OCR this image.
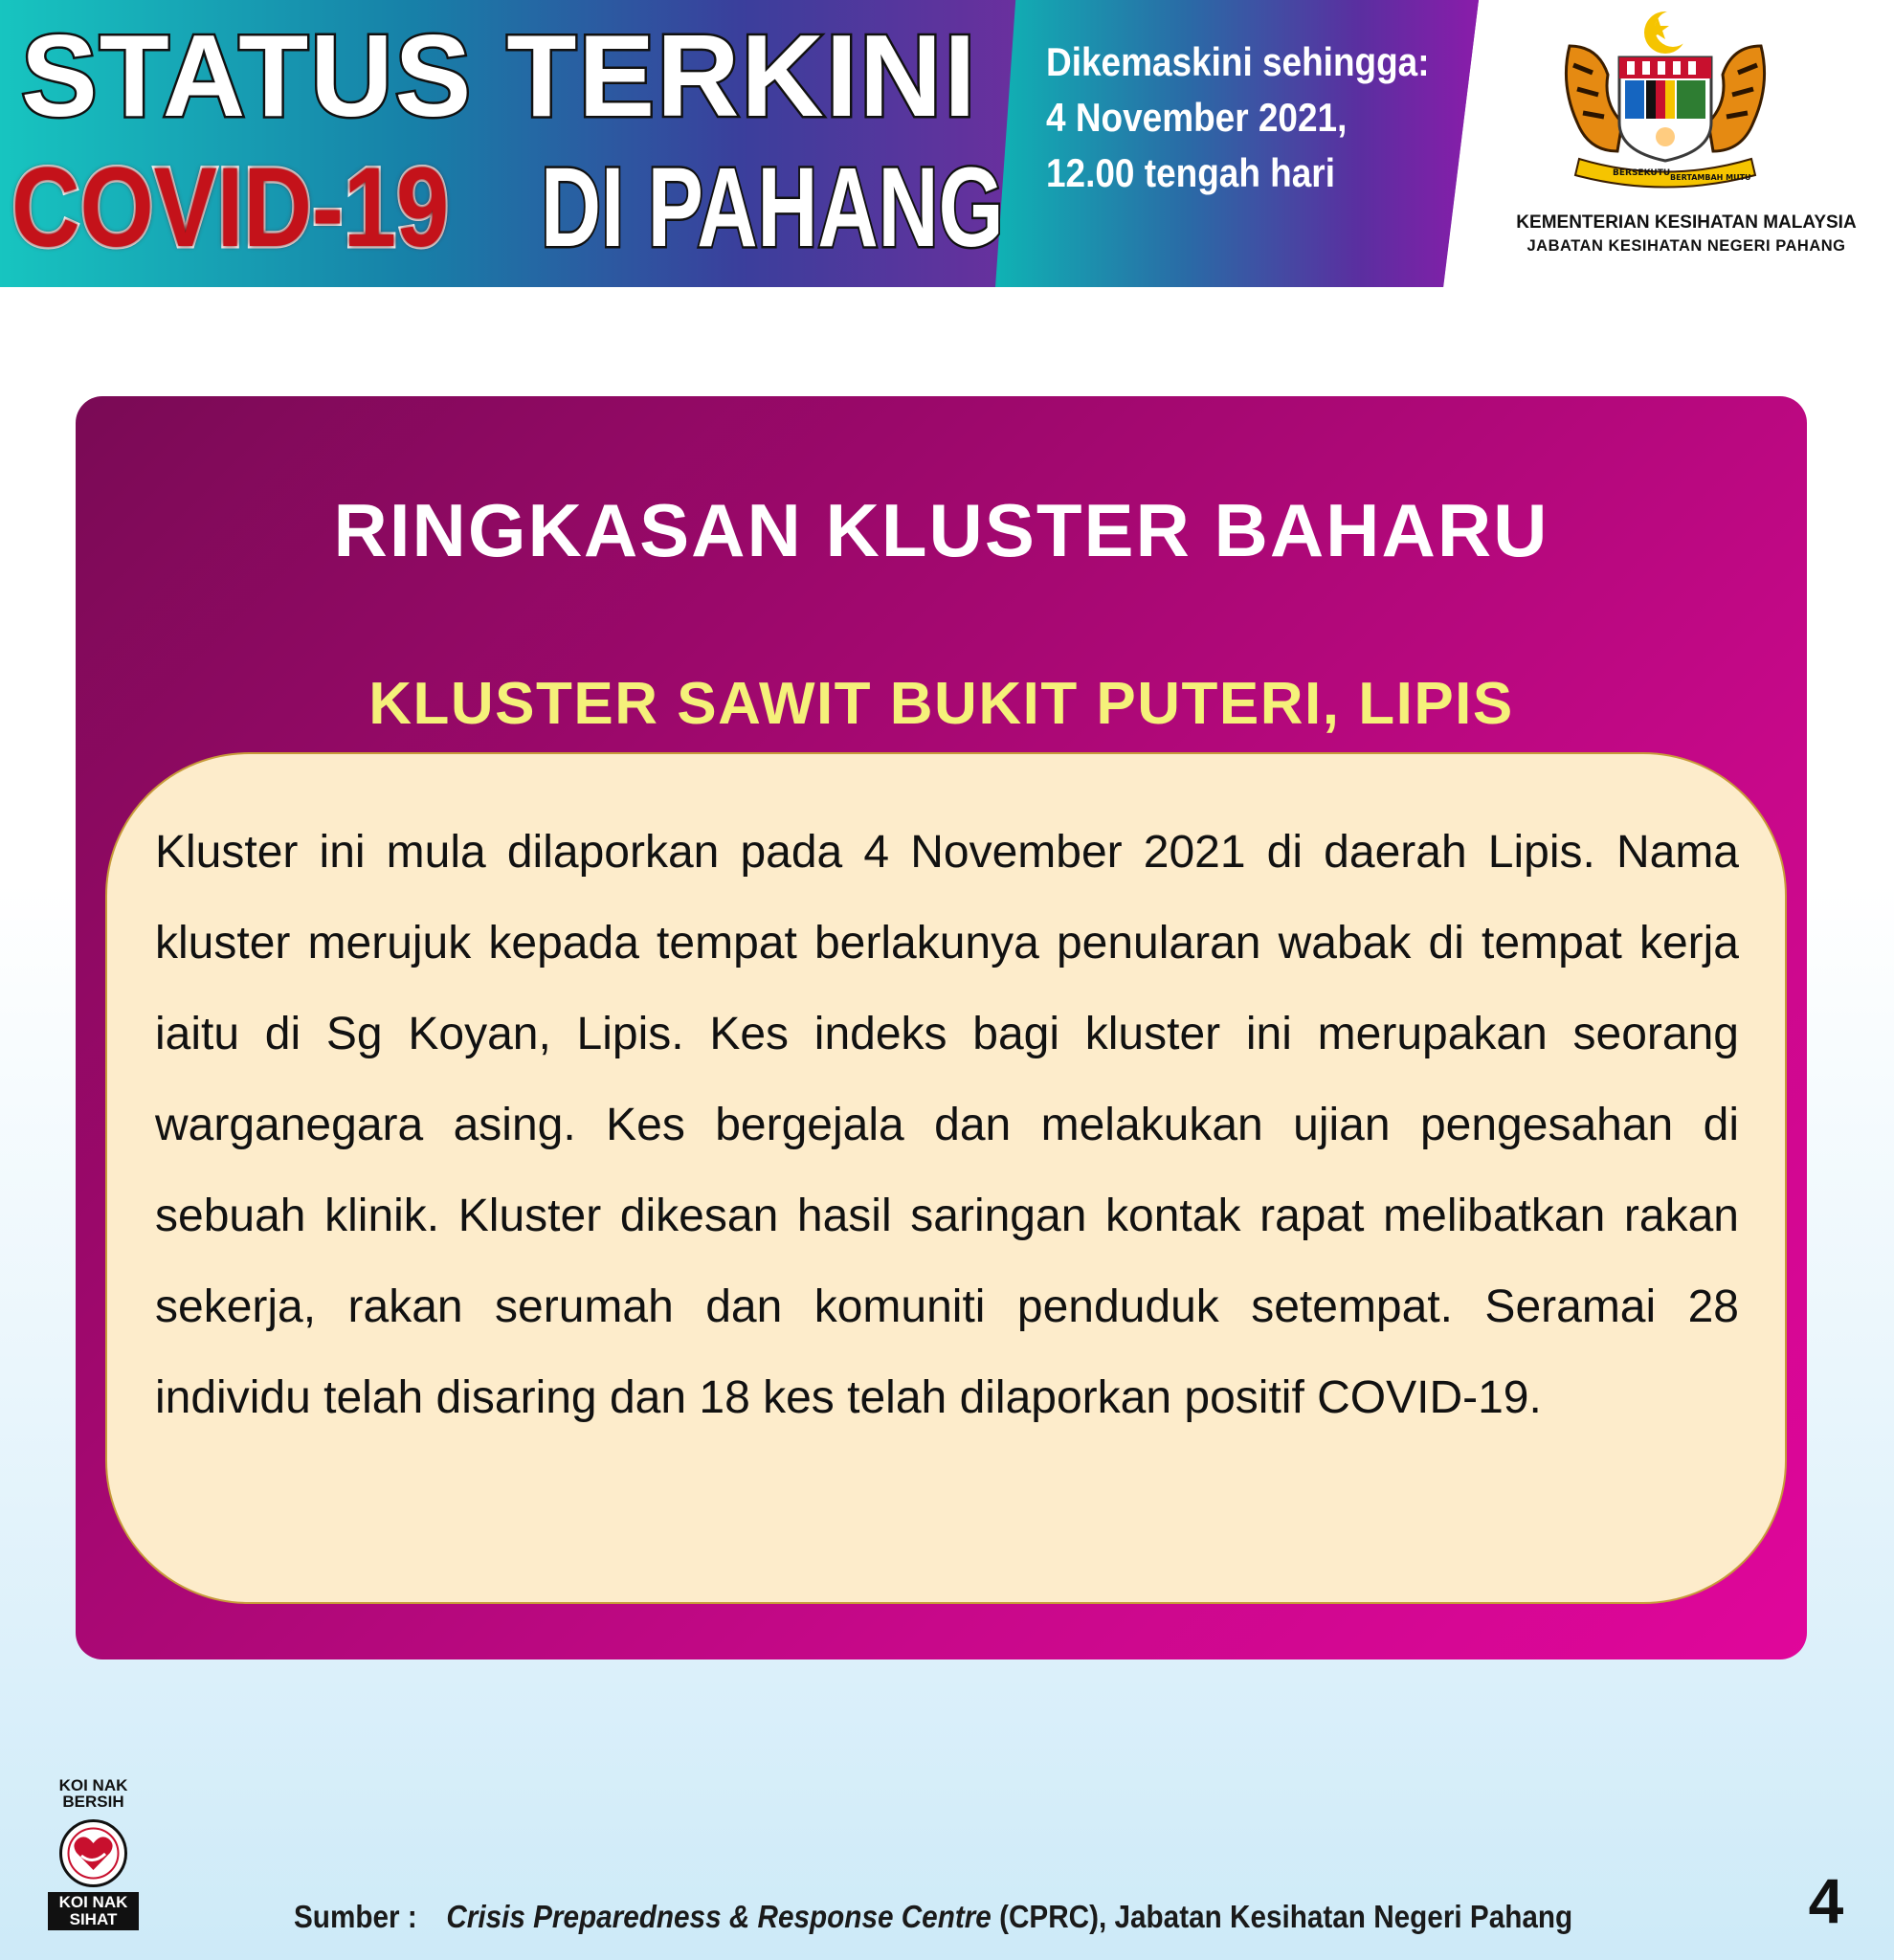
STATUS TERKINI
COVID-19 DI PAHANG
Dikemaskini sehingga:
4 November 2021,
12.00 tengah hari	BERSEKUTU BERTAMBAH MUTU
KEMENTERIAN KESIHATAN MALAYSIA
JABATAN KESIHATAN NEGERI PAHANG
RINGKASAN KLUSTER BAHARU
KLUSTER SAWIT BUKIT PUTERI, LIPIS

Kluster ini mula dilaporkan pada 4 November 2021 di daerah Lipis. Nama kluster merujuk kepada tempat berlakunya penularan wabak di tempat kerja iaitu di Sg Koyan, Lipis. Kes indeks bagi kluster ini merupakan seorang warganegara asing. Kes bergejala dan melakukan ujian pengesahan di sebuah klinik. Kluster dikesan hasil saringan kontak rapat melibatkan rakan sekerja, rakan serumah dan komuniti penduduk setempat. Seramai 28 individu telah disaring dan 18 kes telah dilaporkan positif COVID-19.

KOI NAK
BERSIH
KOI NAK
SIHAT	Sumber : Crisis Preparedness & Response Centre (CPRC), Jabatan Kesihatan Negeri Pahang	4
